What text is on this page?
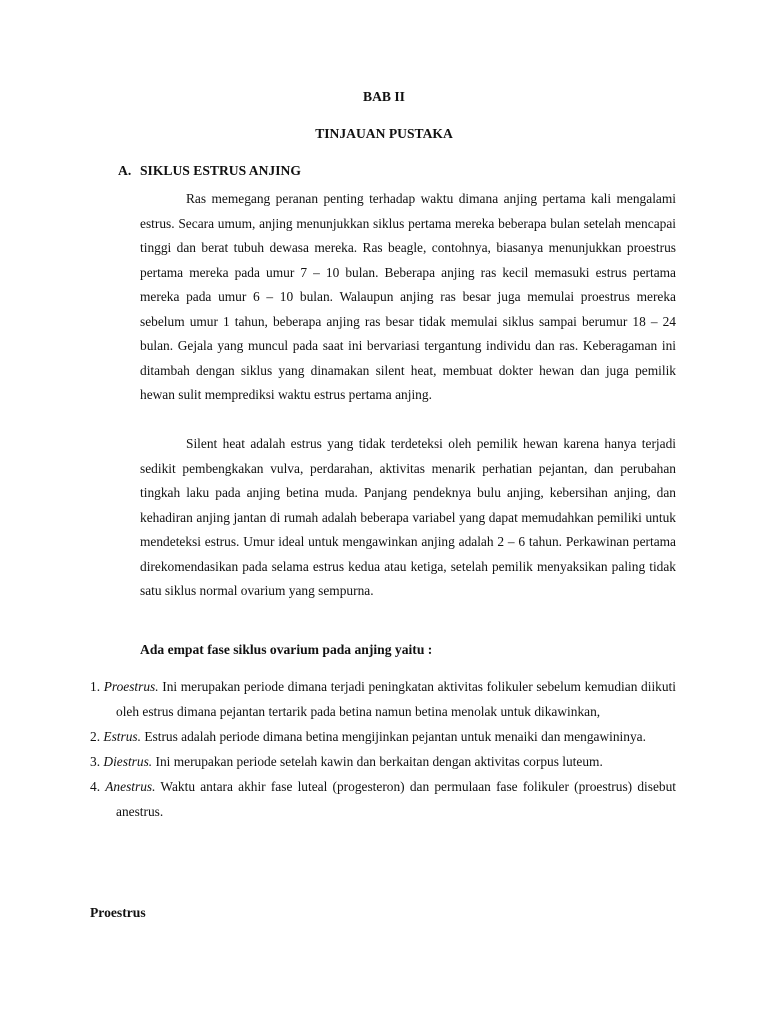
BAB II

TINJAUAN PUSTAKA

A. SIKLUS ESTRUS ANJING

Ras memegang peranan penting terhadap waktu dimana anjing pertama kali mengalami estrus. Secara umum, anjing menunjukkan siklus pertama mereka beberapa bulan setelah mencapai tinggi dan berat tubuh dewasa mereka. Ras beagle, contohnya, biasanya menunjukkan proestrus pertama mereka pada umur 7 – 10 bulan. Beberapa anjing ras kecil memasuki estrus pertama mereka pada umur 6 – 10 bulan. Walaupun anjing ras besar juga memulai proestrus mereka sebelum umur 1 tahun, beberapa anjing ras besar tidak memulai siklus sampai berumur 18 – 24 bulan. Gejala yang muncul pada saat ini bervariasi tergantung individu dan ras. Keberagaman ini ditambah dengan siklus yang dinamakan silent heat, membuat dokter hewan dan juga pemilik hewan sulit memprediksi waktu estrus pertama anjing.

Silent heat adalah estrus yang tidak terdeteksi oleh pemilik hewan karena hanya terjadi sedikit pembengkakan vulva, perdarahan, aktivitas menarik perhatian pejantan, dan perubahan tingkah laku pada anjing betina muda. Panjang pendeknya bulu anjing, kebersihan anjing, dan kehadiran anjing jantan di rumah adalah beberapa variabel yang dapat memudahkan pemiliki untuk mendeteksi estrus. Umur ideal untuk mengawinkan anjing adalah 2 – 6 tahun. Perkawinan pertama direkomendasikan pada selama estrus kedua atau ketiga, setelah pemilik menyaksikan paling tidak satu siklus normal ovarium yang sempurna.

Ada empat fase siklus ovarium pada anjing yaitu :

1. Proestrus. Ini merupakan periode dimana terjadi peningkatan aktivitas folikuler sebelum kemudian diikuti oleh estrus dimana pejantan tertarik pada betina namun betina menolak untuk dikawinkan,
2. Estrus. Estrus adalah periode dimana betina mengijinkan pejantan untuk menaiki dan mengawininya.
3. Diestrus. Ini merupakan periode setelah kawin dan berkaitan dengan aktivitas corpus luteum.
4. Anestrus. Waktu antara akhir fase luteal (progesteron) dan permulaan fase folikuler (proestrus) disebut anestrus.

Proestrus
